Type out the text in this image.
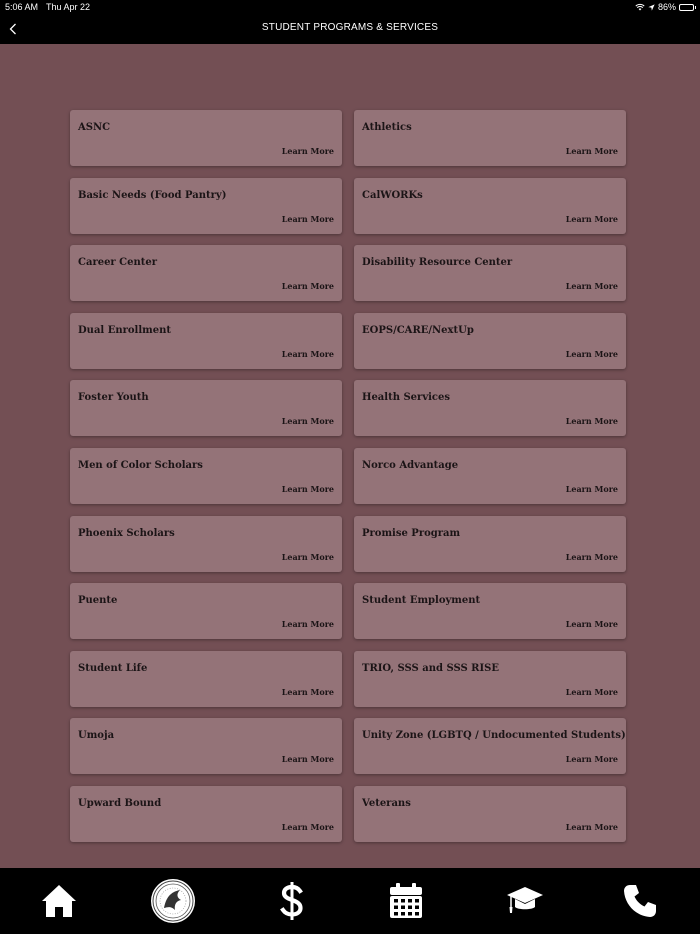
5:06 AM Thu Apr 22	86%
STUDENT PROGRAMS & SERVICES
ASNC
Learn More
Athletics
Learn More
Basic Needs (Food Pantry)
Learn More
CalWORKs
Learn More
Career Center
Learn More
Disability Resource Center
Learn More
Dual Enrollment
Learn More
EOPS/CARE/NextUp
Learn More
Foster Youth
Learn More
Health Services
Learn More
Men of Color Scholars
Learn More
Norco Advantage
Learn More
Phoenix Scholars
Learn More
Promise Program
Learn More
Puente
Learn More
Student Employment
Learn More
Student Life
Learn More
TRIO, SSS and SSS RISE
Learn More
Umoja
Learn More
Unity Zone (LGBTQ / Undocumented Students)
Learn More
Upward Bound
Learn More
Veterans
Learn More
